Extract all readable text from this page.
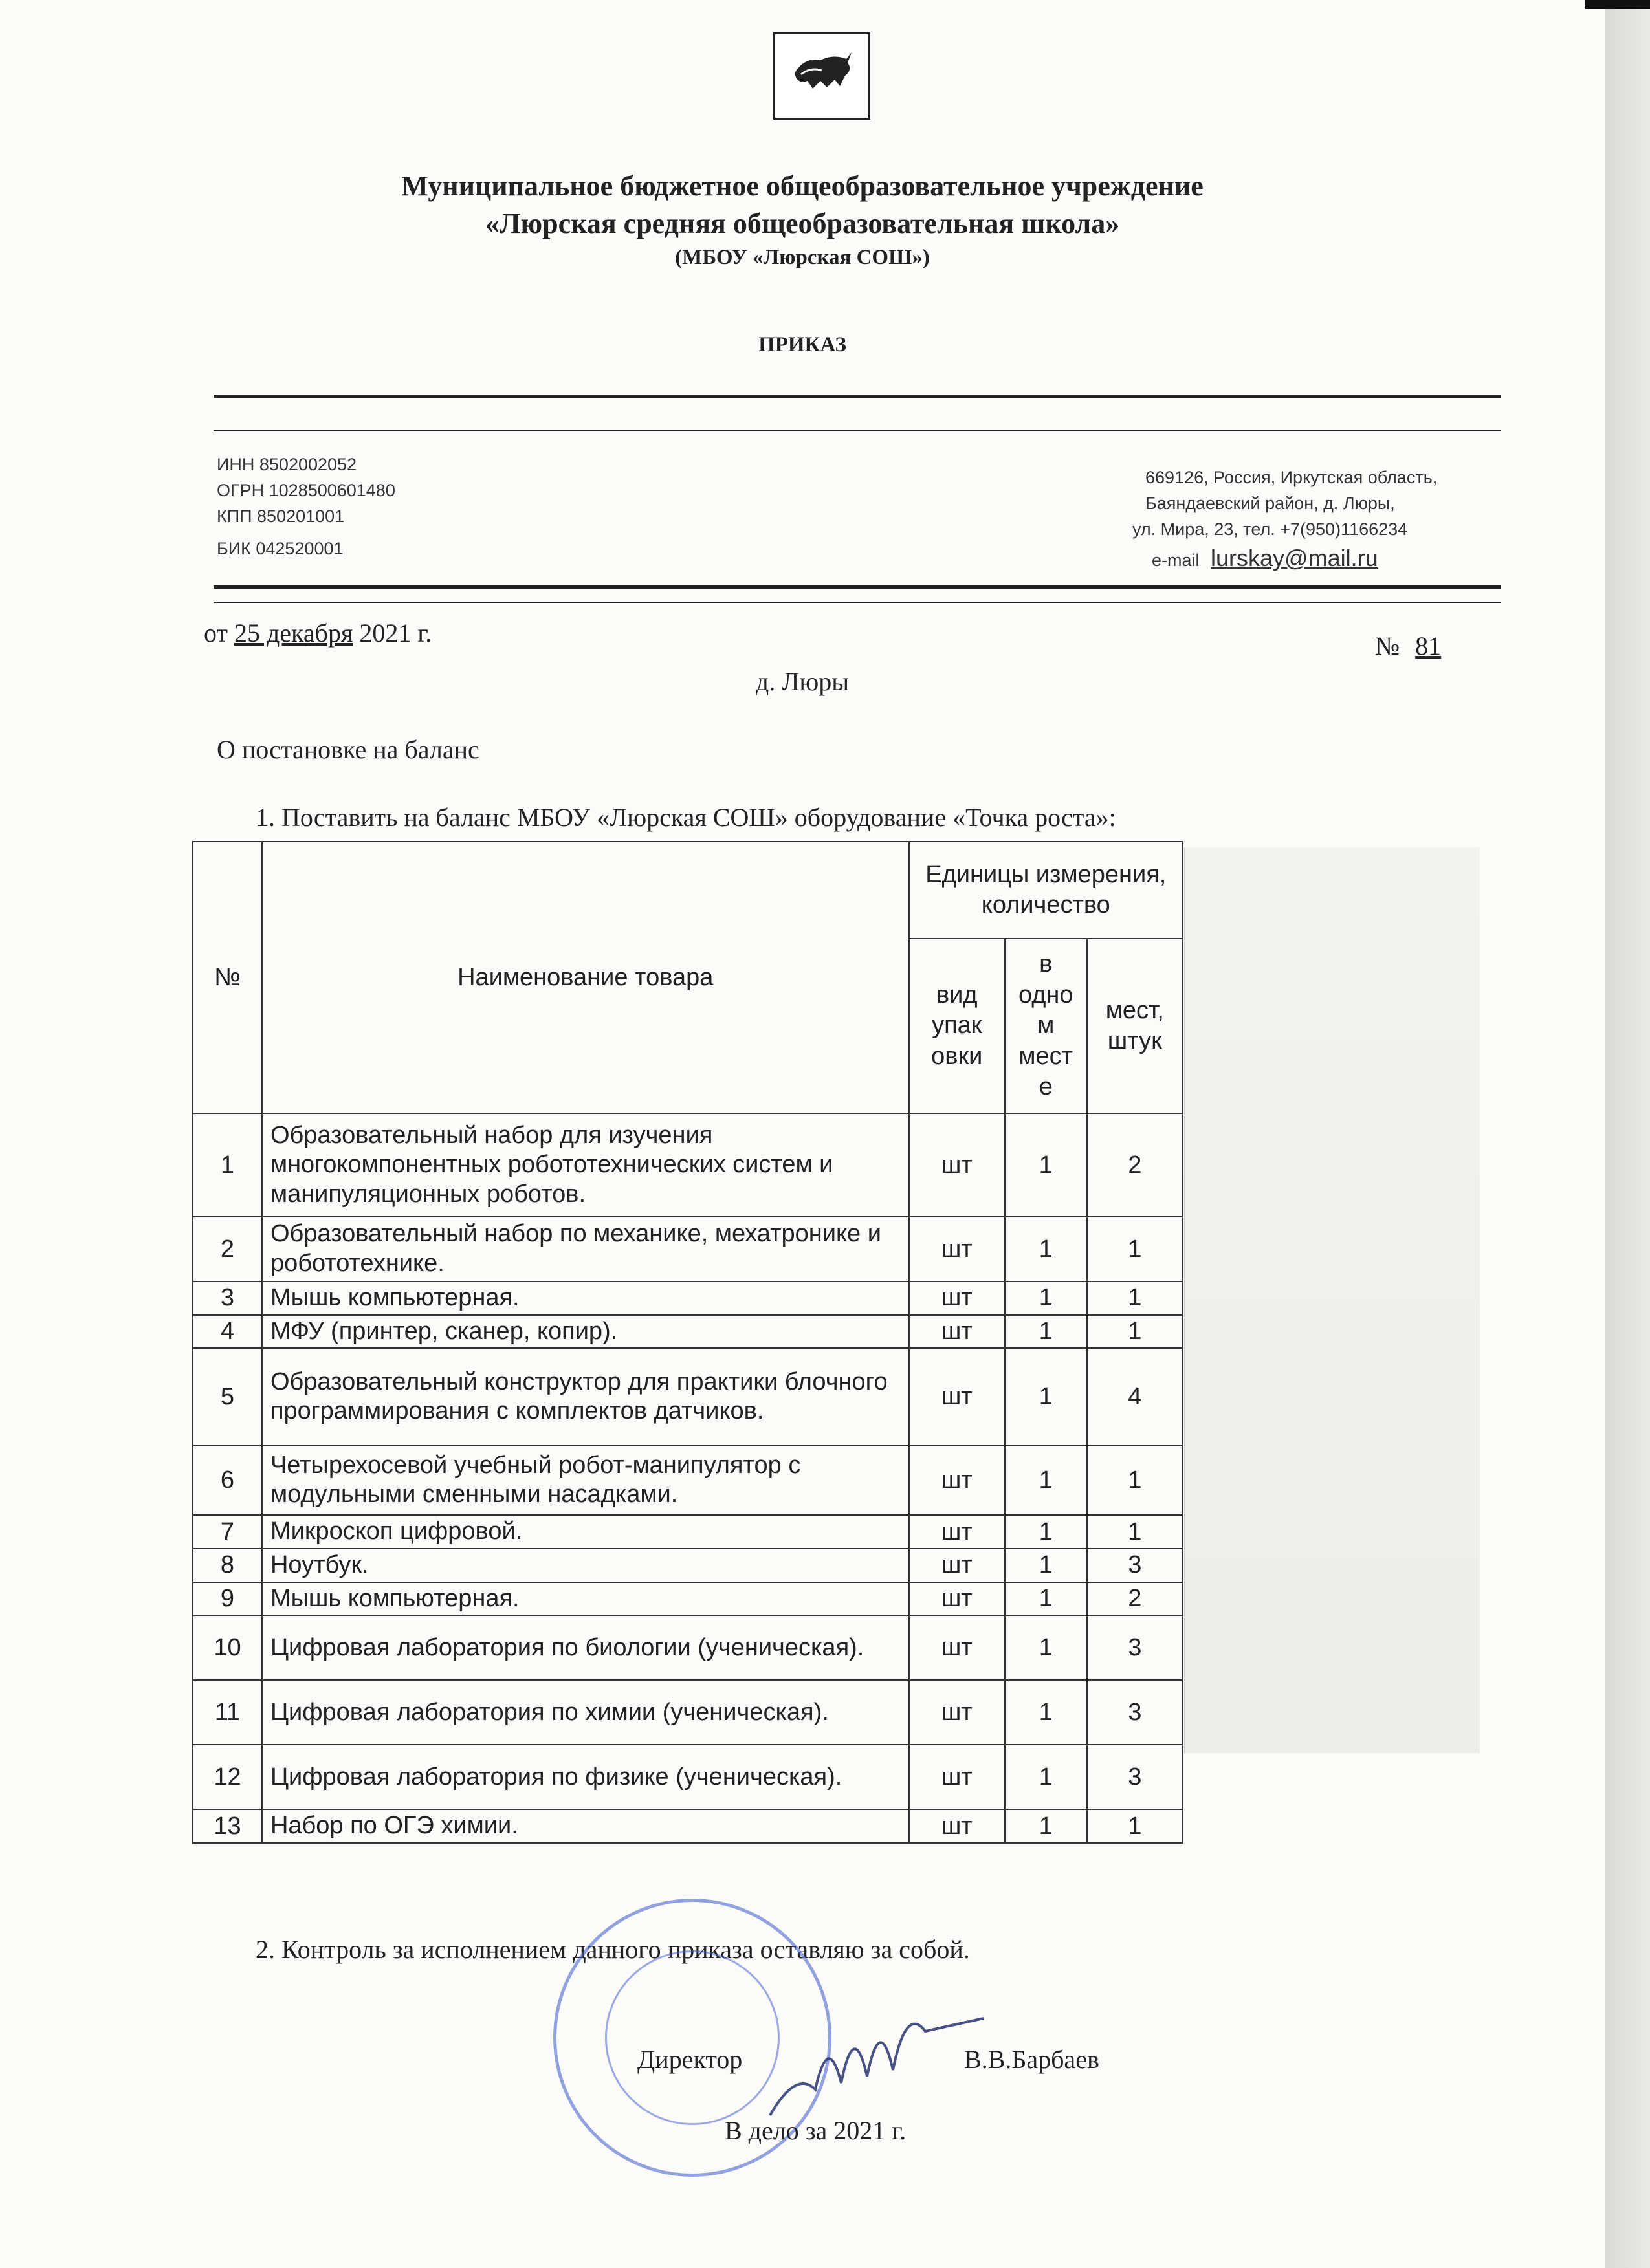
Муниципальное бюджетное общеобразовательное учреждение
«Люрская средняя общеобразовательная школа»
(МБОУ «Люрская СОШ»)
ПРИКАЗ
ИНН 8502002052
ОГРН 1028500601480
КПП 850201001
БИК 042520001
669126, Россия, Иркутская область,
Баяндаевский район, д. Люры,
ул. Мира, 23, тел. +7(950)1166234
e-mail lurskay@mail.ru
от 25 декабря 2021 г.	№ 81
д. Люры
О постановке на баланс
1. Поставить на баланс МБОУ «Люрская СОШ» оборудование «Точка роста»:
№	Наименование товара	Единицы измерения, количество		
		вид упак овки	в одно м мест е	мест, штук
1	Образовательный набор для изучения многокомпонентных робототехнических систем и манипуляционных роботов.	шт	1	2
2	Образовательный набор по механике, мехатронике и робототехнике.	шт	1	1
3	Мышь компьютерная.	шт	1	1
4	МФУ (принтер, сканер, копир).	шт	1	1
5	Образовательный конструктор для практики блочного программирования с комплектов датчиков.	шт	1	4
6	Четырехосевой учебный робот-манипулятор с модульными сменными насадками.	шт	1	1
7	Микроскоп цифровой.	шт	1	1
8	Ноутбук.	шт	1	3
9	Мышь компьютерная.	шт	1	2
10	Цифровая лаборатория по биологии (ученическая).	шт	1	3
11	Цифровая лаборатория по химии (ученическая).	шт	1	3
12	Цифровая лаборатория по физике (ученическая).	шт	1	3
13	Набор по ОГЭ химии.	шт	1	1
2. Контроль за исполнением данного приказа оставляю за собой.
Директор	В.В.Барбаев
В дело за 2021 г.
